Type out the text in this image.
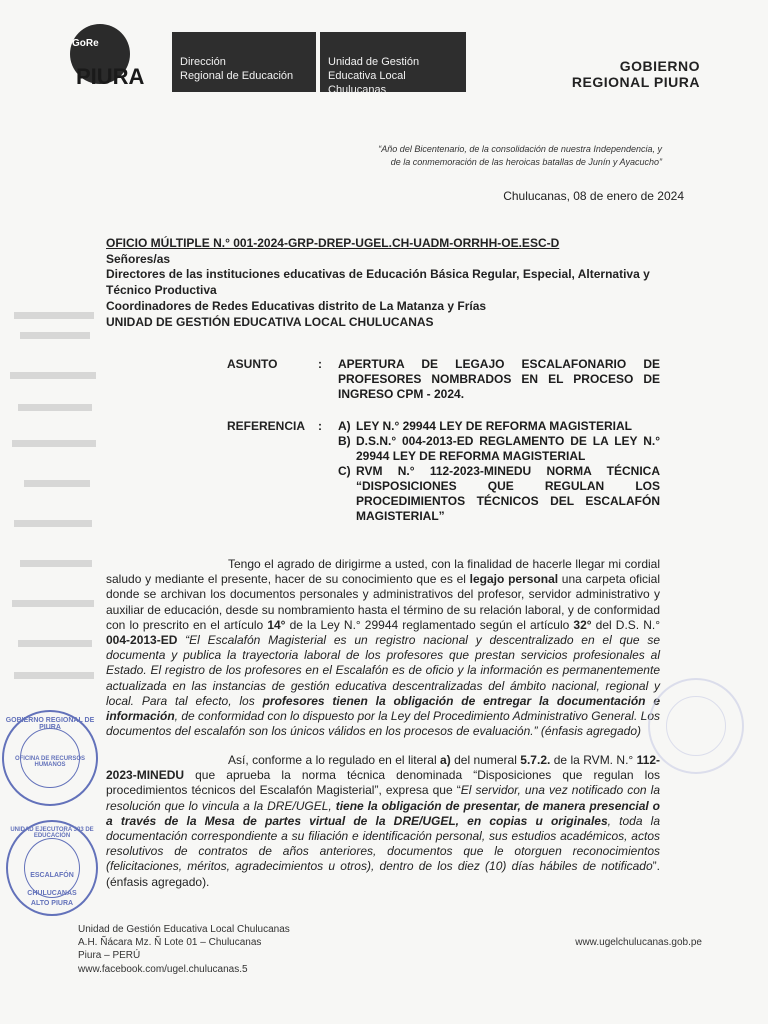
GoRe
PIURA
Dirección
Regional de Educación
Unidad de Gestión
Educativa Local Chulucanas
GOBIERNO
REGIONAL PIURA
“Año del Bicentenario, de la consolidación de nuestra Independencia, y
de la conmemoración de las heroicas batallas de Junín y Ayacucho”
Chulucanas, 08 de enero de 2024
OFICIO MÚLTIPLE N.° 001-2024-GRP-DREP-UGEL.CH-UADM-ORRHH-OE.ESC-D
Señores/as
Directores de las instituciones educativas de Educación Básica Regular, Especial, Alternativa y Técnico Productiva
Coordinadores de Redes Educativas distrito de La Matanza y Frías
UNIDAD DE GESTIÓN EDUCATIVA LOCAL CHULUCANAS
ASUNTO	: APERTURA DE LEGAJO ESCALAFONARIO DE PROFESORES NOMBRADOS EN EL PROCESO DE INGRESO CPM - 2024.
REFERENCIA : A) LEY N.° 29944 LEY DE REFORMA MAGISTERIAL
B) D.S.N.° 004-2013-ED REGLAMENTO DE LA LEY N.° 29944 LEY DE REFORMA MAGISTERIAL
C) RVM N.° 112-2023-MINEDU NORMA TÉCNICA “DISPOSICIONES QUE REGULAN LOS PROCEDIMIENTOS TÉCNICOS DEL ESCALAFÓN MAGISTERIAL”
Tengo el agrado de dirigirme a usted, con la finalidad de hacerle llegar mi cordial saludo y mediante el presente, hacer de su conocimiento que es el legajo personal una carpeta oficial donde se archivan los documentos personales y administrativos del profesor, servidor administrativo y auxiliar de educación, desde su nombramiento hasta el término de su relación laboral, y de conformidad con lo prescrito en el artículo 14° de la Ley N.° 29944 reglamentado según el artículo 32° del D.S. N.° 004-2013-ED “El Escalafón Magisterial es un registro nacional y descentralizado en el que se documenta y publica la trayectoria laboral de los profesores que prestan servicios profesionales al Estado. El registro de los profesores en el Escalafón es de oficio y la información es permanentemente actualizada en las instancias de gestión educativa descentralizadas del ámbito nacional, regional y local. Para tal efecto, los profesores tienen la obligación de entregar la documentación e información, de conformidad con lo dispuesto por la Ley del Procedimiento Administrativo General. Los documentos del escalafón son los únicos válidos en los procesos de evaluación.” (énfasis agregado)
Así, conforme a lo regulado en el literal a) del numeral 5.7.2. de la RVM. N.° 112-2023-MINEDU que aprueba la norma técnica denominada “Disposiciones que regulan los procedimientos técnicos del Escalafón Magisterial”, expresa que “El servidor, una vez notificado con la resolución que lo vincula a la DRE/UGEL, tiene la obligación de presentar, de manera presencial o a través de la Mesa de partes virtual de la DRE/UGEL, en copias u originales, toda la documentación correspondiente a su filiación e identificación personal, sus estudios académicos, actos resolutivos de contratos de años anteriores, documentos que le otorguen reconocimientos (felicitaciones, méritos, agradecimientos u otros), dentro de los diez (10) días hábiles de notificado”. (énfasis agregado).
GOBIERNO REGIONAL DE PIURA
OFICINA DE RECURSOS HUMANOS
UNIDAD EJECUTORA 303 DE EDUCACIÓN
ESCALAFÓN
CHULUCANAS
ALTO PIURA
Unidad de Gestión Educativa Local Chulucanas
A.H. Ñácara Mz. Ñ Lote 01 – Chulucanas
Piura – PERÚ
www.facebook.com/ugel.chulucanas.5
www.ugelchulucanas.gob.pe
